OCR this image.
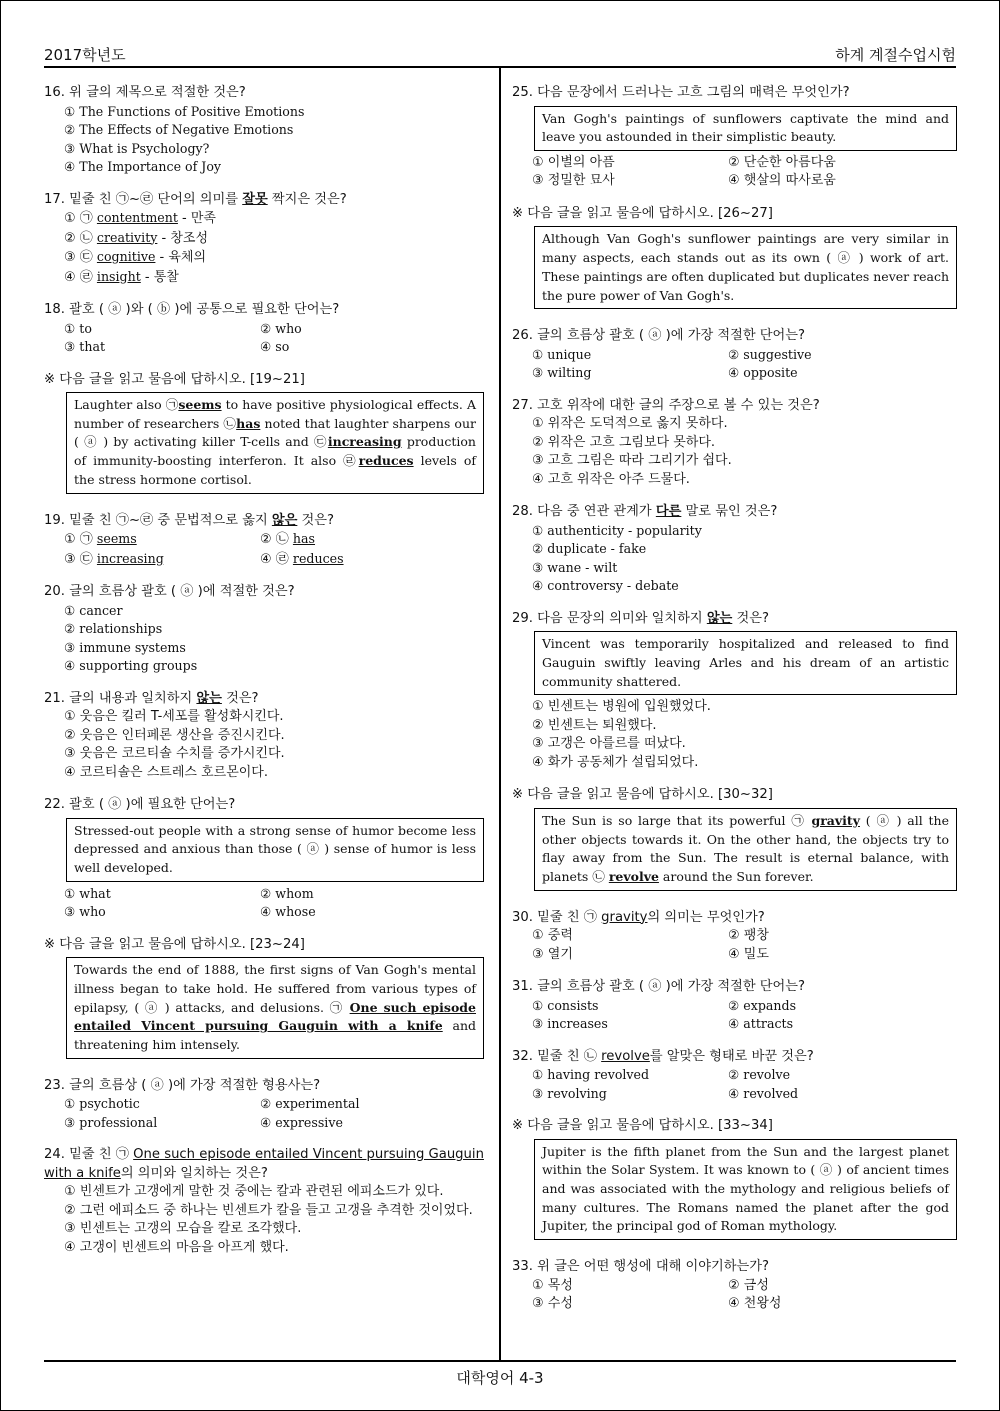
2017학년도	하계 계절수업시험
대학영어 4-3
16. 위 글의 제목으로 적절한 것은?
① The Functions of Positive Emotions
② The Effects of Negative Emotions
③ What is Psychology?
④ The Importance of Joy
17. 밑줄 친 ㉠~㉣ 단어의 의미를 잘못 짝지은 것은?
① ㉠ contentment - 만족
② ㉡ creativity - 창조성
③ ㉢ cognitive - 육체의
④ ㉣ insight - 통찰
18. 괄호 ( ⓐ )와 ( ⓑ )에 공통으로 필요한 단어는?
① to	② who
③ that	④ so
※ 다음 글을 읽고 물음에 답하시오. [19~21]
Laughter also ㉠seems to have positive physiological effects. A number of researchers ㉡has noted that laughter sharpens our ( ⓐ ) by activating killer T-cells and ㉢increasing production of immunity-boosting interferon. It also ㉣reduces levels of the stress hormone cortisol.
19. 밑줄 친 ㉠~㉣ 중 문법적으로 옳지 않은 것은?
① ㉠ seems	② ㉡ has
③ ㉢ increasing	④ ㉣ reduces
20. 글의 흐름상 괄호 ( ⓐ )에 적절한 것은?
① cancer
② relationships
③ immune systems
④ supporting groups
21. 글의 내용과 일치하지 않는 것은?
① 웃음은 킬러 T-세포를 활성화시킨다.
② 웃음은 인터페론 생산을 증진시킨다.
③ 웃음은 코르티솔 수치를 증가시킨다.
④ 코르티솔은 스트레스 호르몬이다.
22. 괄호 ( ⓐ )에 필요한 단어는?
Stressed-out people with a strong sense of humor become less depressed and anxious than those ( ⓐ ) sense of humor is less well developed.
① what	② whom
③ who	④ whose
※ 다음 글을 읽고 물음에 답하시오. [23~24]
Towards the end of 1888, the first signs of Van Gogh's mental illness began to take hold. He suffered from various types of epilapsy, ( ⓐ ) attacks, and delusions. ㉠ One such episode entailed Vincent pursuing Gauguin with a knife and threatening him intensely.
23. 글의 흐름상 ( ⓐ )에 가장 적절한 형용사는?
① psychotic	② experimental
③ professional	④ expressive
24. 밑줄 친 ㉠ One such episode entailed Vincent pursuing Gauguin with a knife의 의미와 일치하는 것은?
① 빈센트가 고갱에게 말한 것 중에는 칼과 관련된 에피소드가 있다.
② 그런 에피소드 중 하나는 빈센트가 칼을 들고 고갱을 추격한 것이었다.
③ 빈센트는 고갱의 모습을 칼로 조각했다.
④ 고갱이 빈센트의 마음을 아프게 했다.
25. 다음 문장에서 드러나는 고흐 그림의 매력은 무엇인가?
Van Gogh's paintings of sunflowers captivate the mind and leave you astounded in their simplistic beauty.
① 이별의 아픔	② 단순한 아름다움
③ 정밀한 묘사	④ 햇살의 따사로움
※ 다음 글을 읽고 물음에 답하시오. [26~27]
Although Van Gogh's sunflower paintings are very similar in many aspects, each stands out as its own ( ⓐ ) work of art. These paintings are often duplicated but duplicates never reach the pure power of Van Gogh's.
26. 글의 흐름상 괄호 ( ⓐ )에 가장 적절한 단어는?
① unique	② suggestive
③ wilting	④ opposite
27. 고호 위작에 대한 글의 주장으로 볼 수 있는 것은?
① 위작은 도덕적으로 옳지 못하다.
② 위작은 고흐 그림보다 못하다.
③ 고흐 그림은 따라 그리기가 쉽다.
④ 고흐 위작은 아주 드물다.
28. 다음 중 연관 관계가 다른 말로 묶인 것은?
① authenticity - popularity
② duplicate - fake
③ wane - wilt
④ controversy - debate
29. 다음 문장의 의미와 일치하지 않는 것은?
Vincent was temporarily hospitalized and released to find Gauguin swiftly leaving Arles and his dream of an artistic community shattered.
① 빈센트는 병원에 입원했었다.
② 빈센트는 퇴원했다.
③ 고갱은 아를르를 떠났다.
④ 화가 공동체가 설립되었다.
※ 다음 글을 읽고 물음에 답하시오. [30~32]
The Sun is so large that its powerful ㉠ gravity ( ⓐ ) all the other objects towards it. On the other hand, the objects try to flay away from the Sun. The result is eternal balance, with planets ㉡ revolve around the Sun forever.
30. 밑줄 친 ㉠ gravity의 의미는 무엇인가?
① 중력	② 팽창
③ 열기	④ 밀도
31. 글의 흐름상 괄호 ( ⓐ )에 가장 적절한 단어는?
① consists	② expands
③ increases	④ attracts
32. 밑줄 친 ㉡ revolve를 알맞은 형태로 바꾼 것은?
① having revolved	② revolve
③ revolving	④ revolved
※ 다음 글을 읽고 물음에 답하시오. [33~34]
Jupiter is the fifth planet from the Sun and the largest planet within the Solar System. It was known to ( ⓐ ) of ancient times and was associated with the mythology and religious beliefs of many cultures. The Romans named the planet after the god Jupiter, the principal god of Roman mythology.
33. 위 글은 어떤 행성에 대해 이야기하는가?
① 목성	② 금성
③ 수성	④ 천왕성
